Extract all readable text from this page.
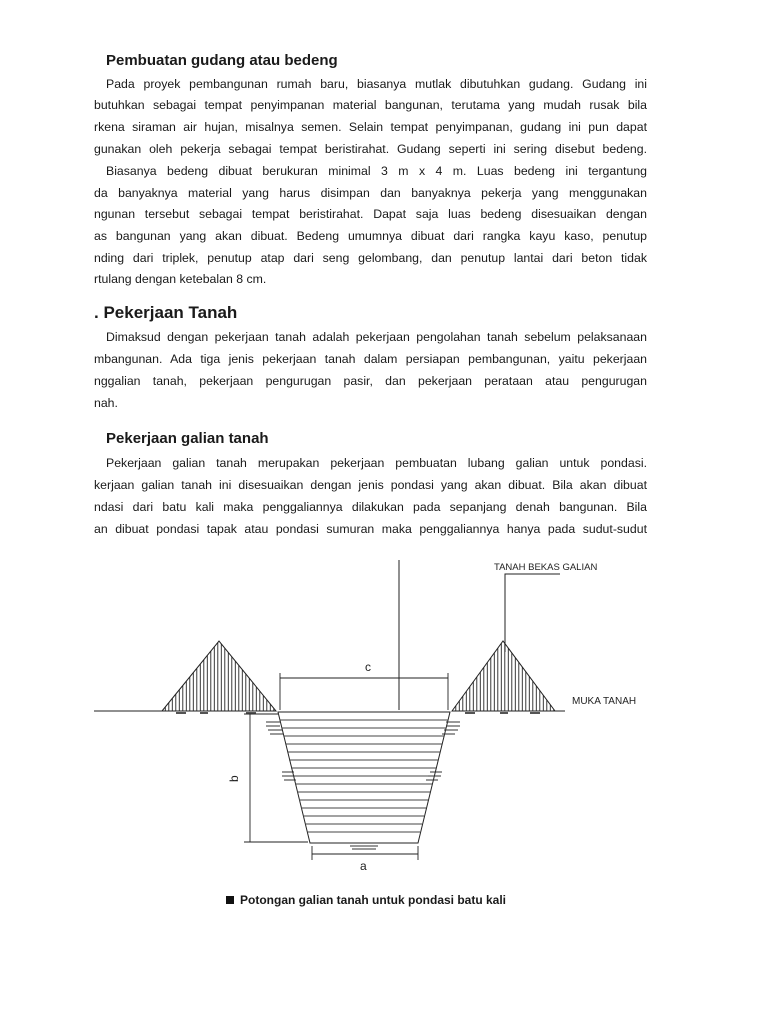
Pembuatan gudang atau bedeng
Pada proyek pembangunan rumah baru, biasanya mutlak dibutuhkan gudang. Gudang ini
butuhkan sebagai tempat penyimpanan material bangunan, terutama yang mudah rusak bila
rkena siraman air hujan, misalnya semen. Selain tempat penyimpanan, gudang ini pun dapat
gunakan oleh pekerja sebagai tempat beristirahat. Gudang seperti ini sering disebut bedeng.
Biasanya bedeng dibuat berukuran minimal 3 m x 4 m. Luas bedeng ini tergantung
da banyaknya material yang harus disimpan dan banyaknya pekerja yang menggunakan
ngunan tersebut sebagai tempat beristirahat. Dapat saja luas bedeng disesuaikan dengan
as bangunan yang akan dibuat. Bedeng umumnya dibuat dari rangka kayu kaso, penutup
nding dari triplek, penutup atap dari seng gelombang, dan penutup lantai dari beton tidak
rtulang dengan ketebalan 8 cm.
. Pekerjaan Tanah
Dimaksud dengan pekerjaan tanah adalah pekerjaan pengolahan tanah sebelum pelaksanaan
mbangunan. Ada tiga jenis pekerjaan tanah dalam persiapan pembangunan, yaitu pekerjaan
nggalian tanah, pekerjaan pengurugan pasir, dan pekerjaan perataan atau pengurugan
nah.
Pekerjaan galian tanah
Pekerjaan galian tanah merupakan pekerjaan pembuatan lubang galian untuk pondasi.
kerjaan galian tanah ini disesuaikan dengan jenis pondasi yang akan dibuat. Bila akan dibuat
ndasi dari batu kali maka penggaliannya dilakukan pada sepanjang denah bangunan. Bila
an dibuat pondasi tapak atau pondasi sumuran maka penggaliannya hanya pada sudut-sudut
TANAH BEKAS GALIAN
MUKA TANAH
c
b
a
Potongan galian tanah untuk pondasi batu kali
